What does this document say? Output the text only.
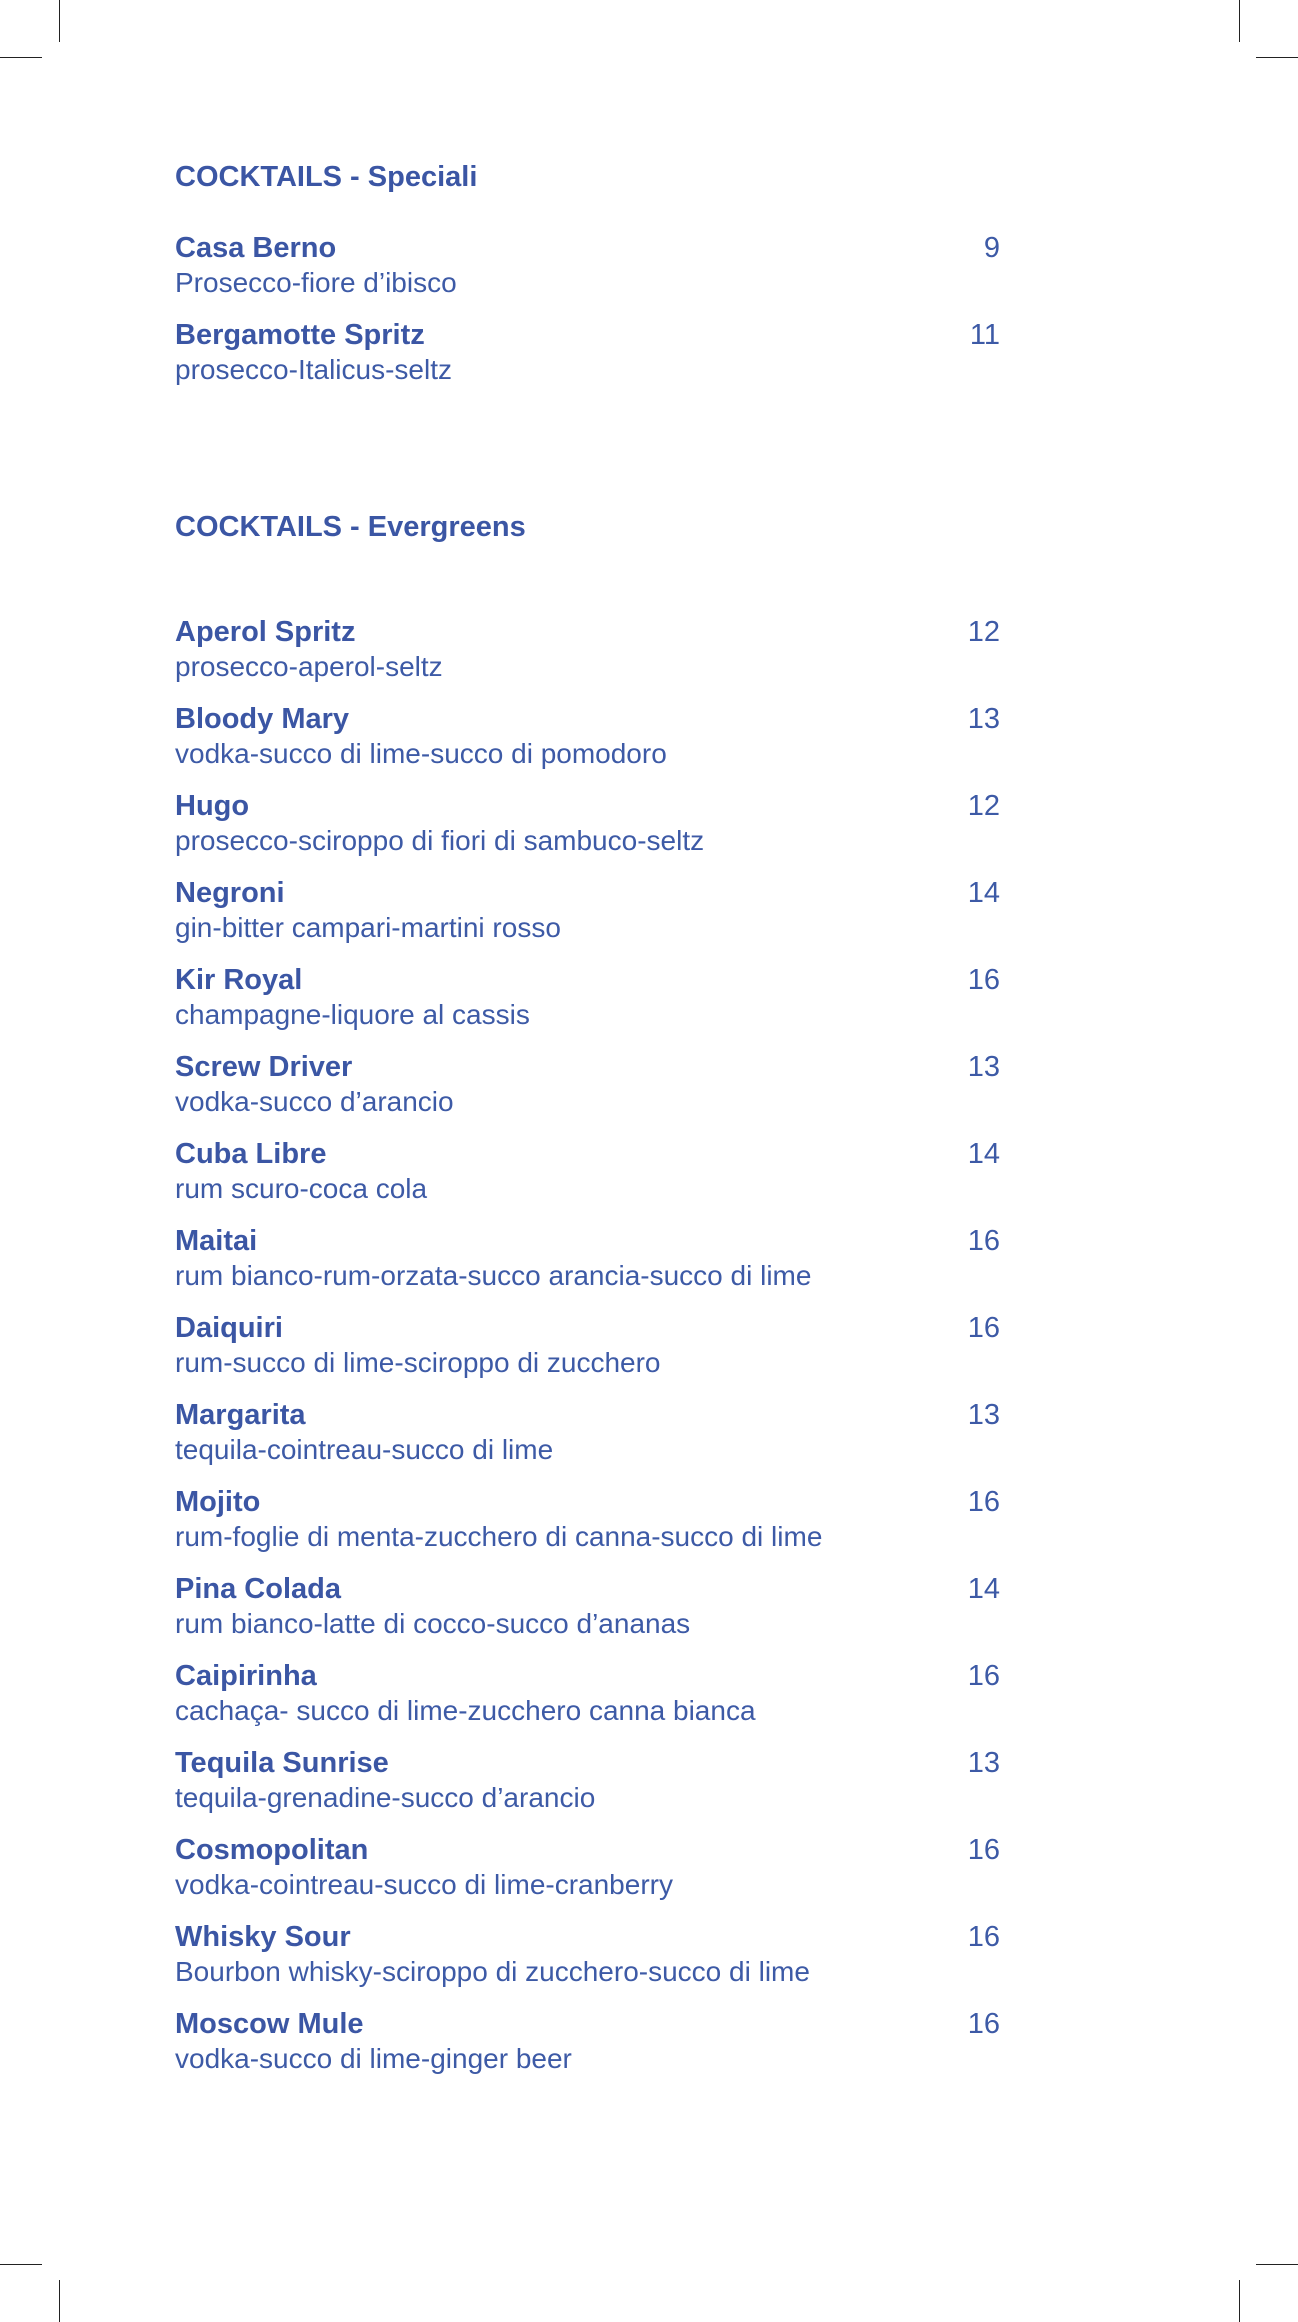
COCKTAILS - Speciali
Casa Berno
Prosecco-fiore d’ibisco
9
Bergamotte Spritz
prosecco-Italicus-seltz
11
COCKTAILS - Evergreens
Aperol Spritz
prosecco-aperol-seltz
12
Bloody Mary
vodka-succo di lime-succo di pomodoro
13
Hugo
prosecco-sciroppo di fiori di sambuco-seltz
12
Negroni
gin-bitter campari-martini rosso
14
Kir Royal
champagne-liquore al cassis
16
Screw Driver
vodka-succo d’arancio
13
Cuba Libre
rum scuro-coca cola
14
Maitai
rum bianco-rum-orzata-succo arancia-succo di lime
16
Daiquiri
rum-succo di lime-sciroppo di zucchero
16
Margarita
tequila-cointreau-succo di lime
13
Mojito
rum-foglie di menta-zucchero di canna-succo di lime
16
Pina Colada
rum bianco-latte di cocco-succo d’ananas
14
Caipirinha
cachaça- succo di lime-zucchero canna bianca
16
Tequila Sunrise
tequila-grenadine-succo d’arancio
13
Cosmopolitan
vodka-cointreau-succo di lime-cranberry
16
Whisky Sour
Bourbon whisky-sciroppo di zucchero-succo di lime
16
Moscow Mule
vodka-succo di lime-ginger beer
16
